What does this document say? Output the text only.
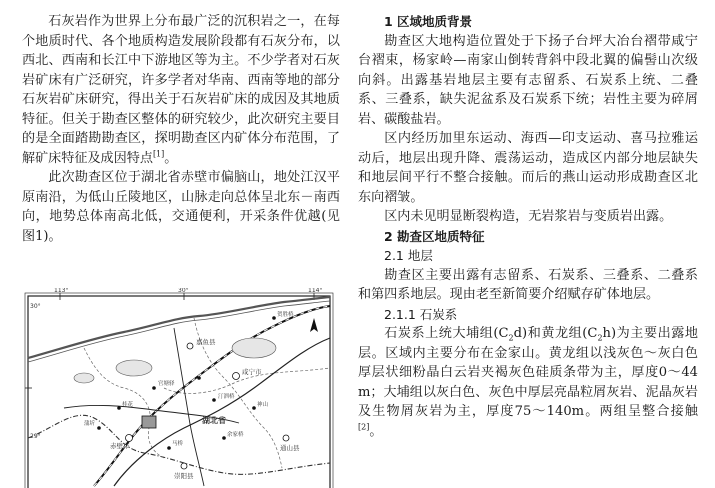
石灰岩作为世界上分布最广泛的沉积岩之一，在每个地质时代、各个地质构造发展阶段都有石灰分布，以西北、西南和长江中下游地区等为主。不少学者对石灰岩矿床有广泛研究，许多学者对华南、西南等地的部分石灰岩矿床研究，得出关于石灰岩矿床的成因及其地质特征。但关于勘查区整体的研究较少，此次研究主要目的是全面踏勘勘查区，探明勘查区内矿体分布范围，了解矿床特征及成因特点[1]。

此次勘查区位于湖北省赤壁市偏脑山，地处江汉平原南沿，为低山丘陵地区，山脉走向总体呈北东－南西向，地势总体南高北低，交通便利，开采条件优越(见图1)。

113°	30°	114°
30°
29°
嘉鱼县
湖北省
咸宁市
赤壁市
崇阳县
通山县
蒲圻
汀泗桥
官塘驿
马桥
神山
余家桥
桂花
贺胜桥
1 区域地质背景

勘查区大地构造位置处于下扬子台坪大冶台褶带咸宁台褶束，杨家岭—南家山倒转背斜中段北翼的偏髻山次级向斜。出露基岩地层主要有志留系、石炭系上统、二叠系、三叠系，缺失泥盆系及石炭系下统；岩性主要为碎屑岩、碳酸盐岩。

区内经历加里东运动、海西—印支运动、喜马拉雅运动后，地层出现升降、震荡运动，造成区内部分地层缺失和地层间平行不整合接触。而后的燕山运动形成勘查区北东向褶皱。

区内未见明显断裂构造，无岩浆岩与变质岩出露。

2 勘查区地质特征
2.1 地层

勘查区主要出露有志留系、石炭系、三叠系、二叠系和第四系地层。现由老至新简要介绍赋存矿体地层。

2.1.1 石炭系

石炭系上统大埔组$(C_2d)$和黄龙组$(C_2h)$为主要出露地层。区域内主要分布在金家山。黄龙组以浅灰色～灰白色厚层状细粉晶白云岩夹褐灰色硅质条带为主，厚度0～44m；大埔组以灰白色、灰色中厚层亮晶粒屑灰岩、泥晶灰岩及生物屑灰岩为主，厚度75～140m。两组呈整合接触[2]。
